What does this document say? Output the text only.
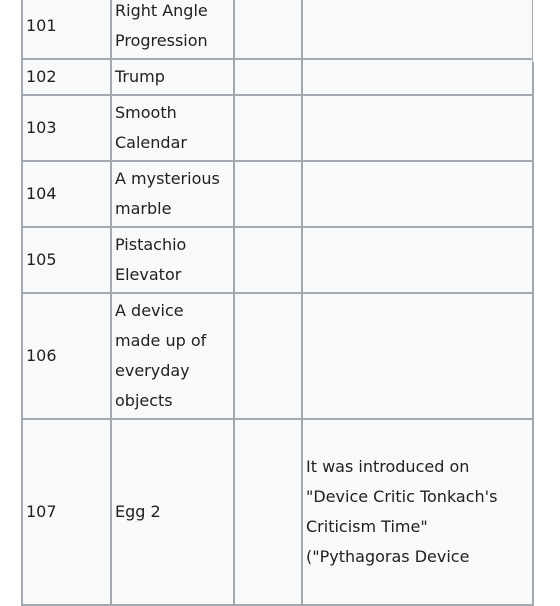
101	Right Angle Progression		
102	Trump		
103	Smooth Calendar		
104	A mysterious marble		
105	Pistachio Elevator		
106	A device made up of everyday objects		
107	Egg 2		It was introduced on "Device Critic Tonkach's Criticism Time" ("Pythagoras Device
